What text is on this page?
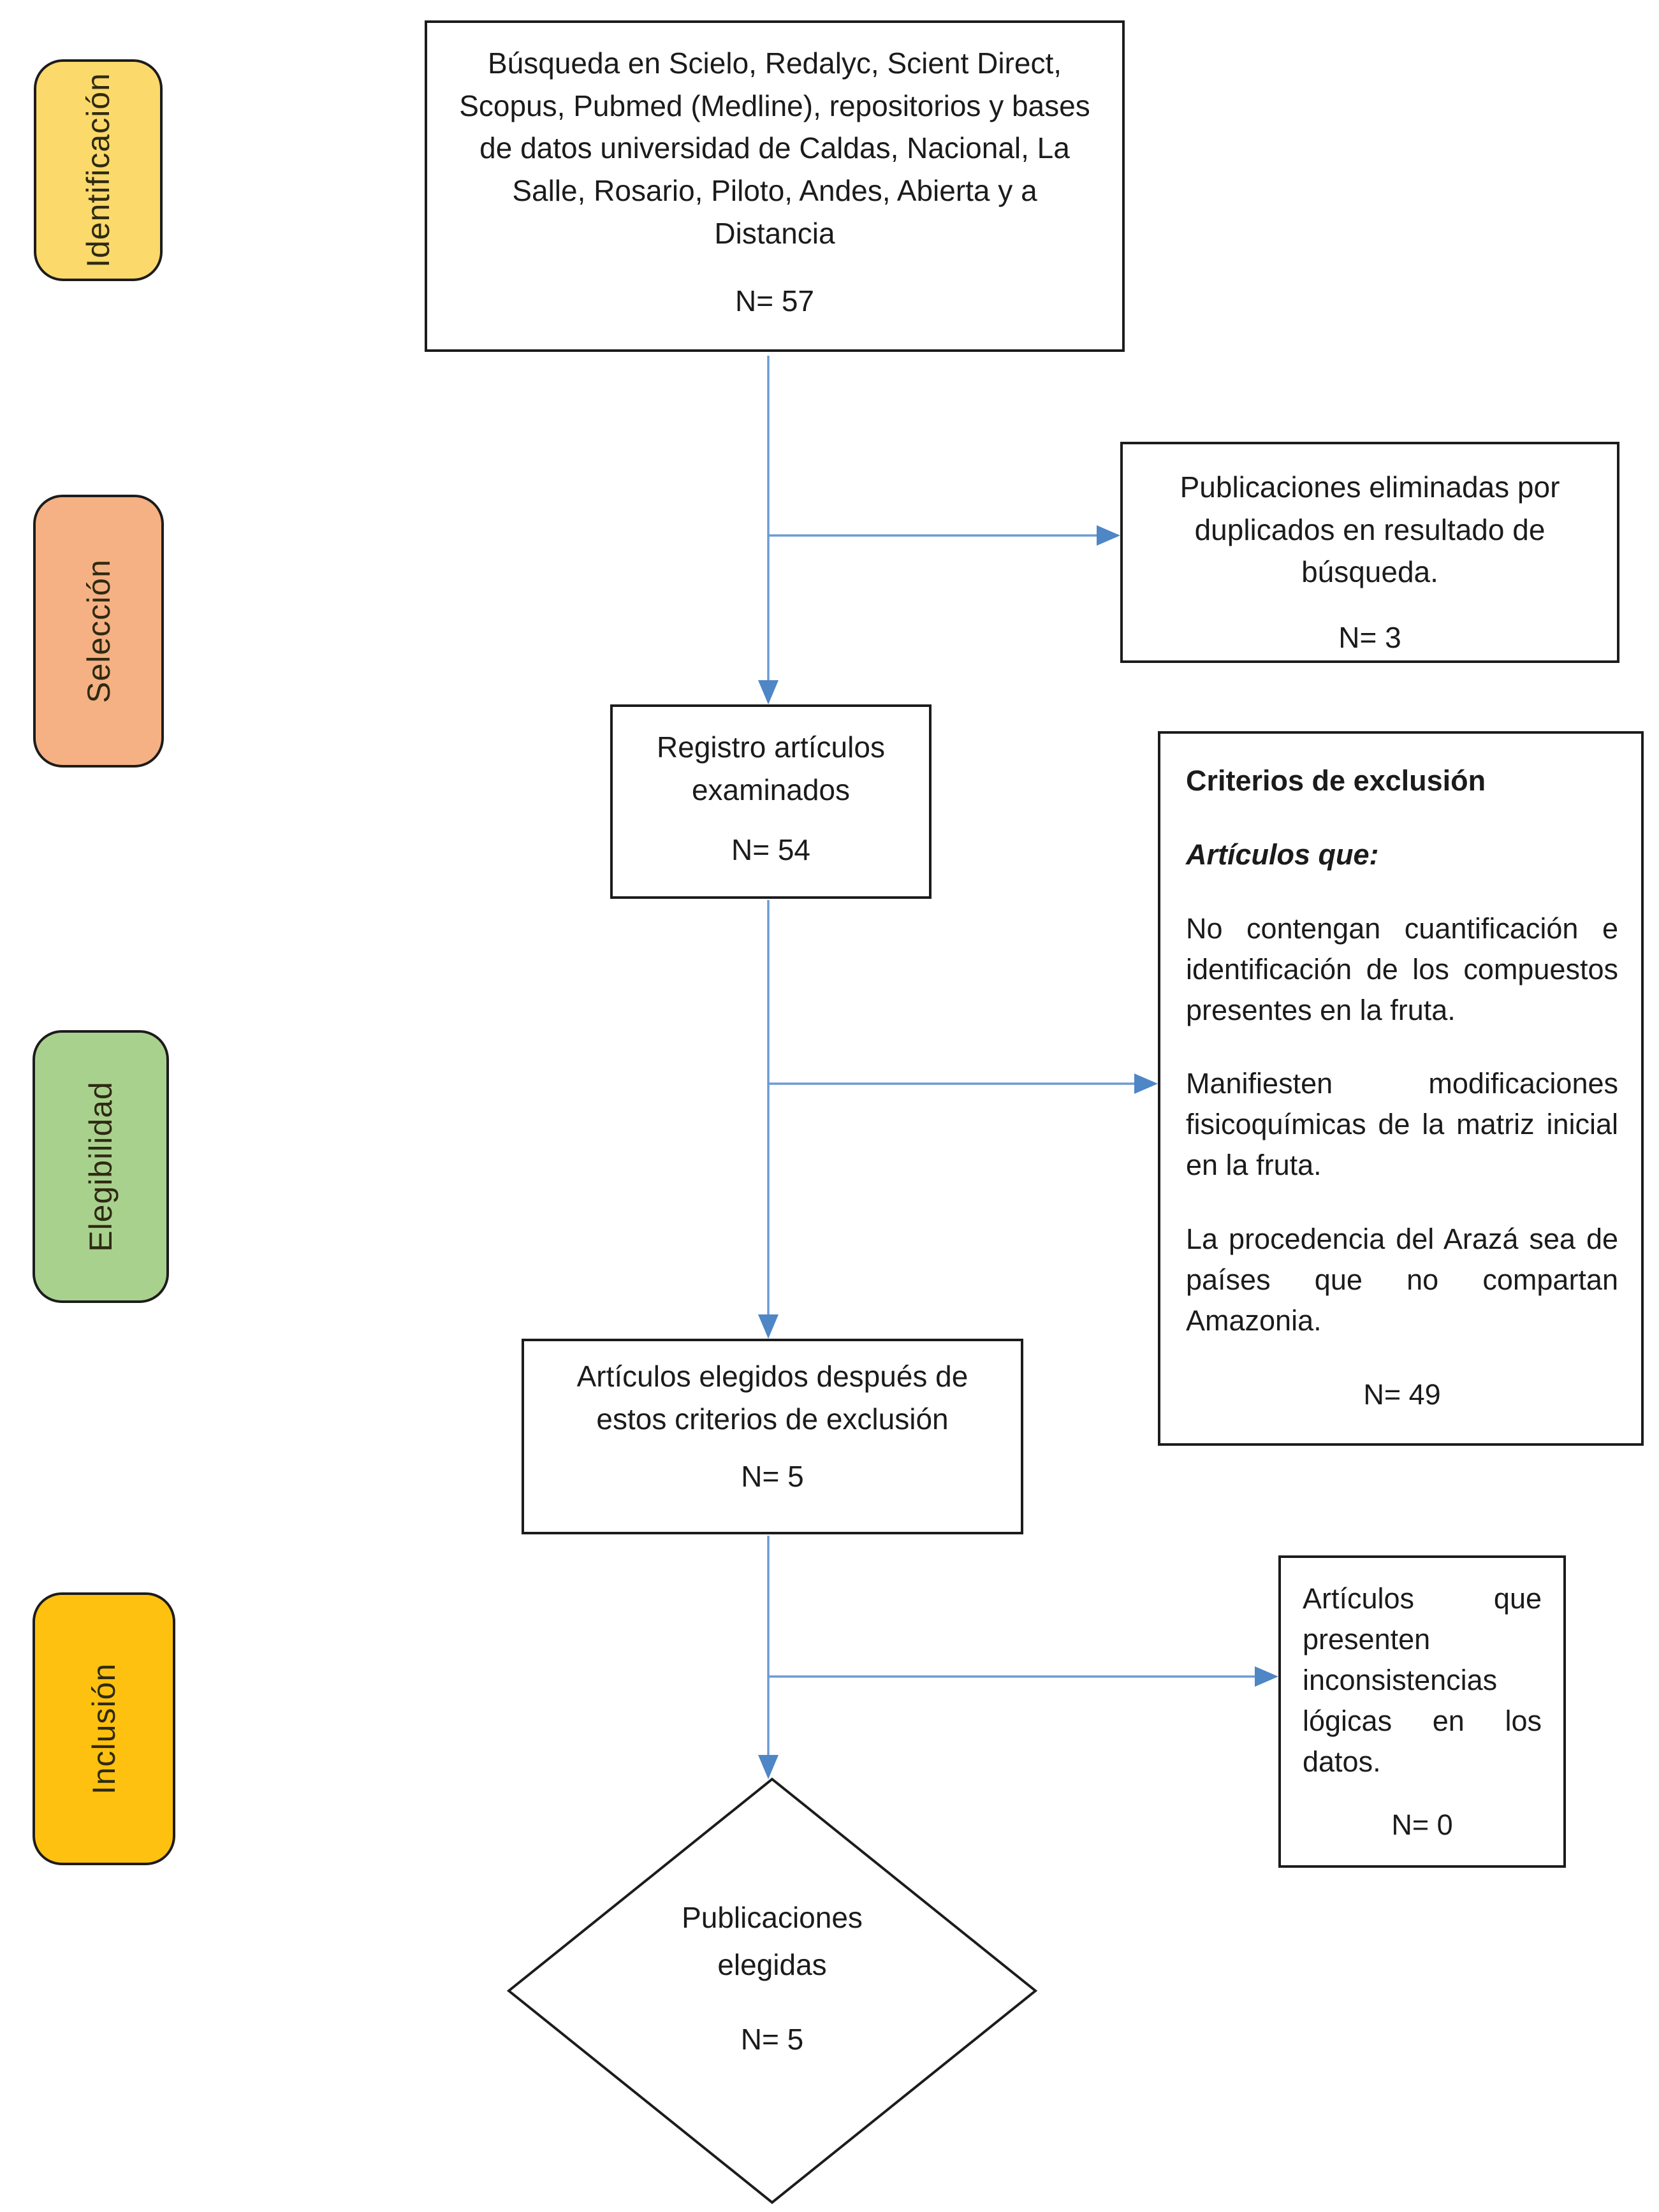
Identificación
Selección
Elegibilidad
Inclusión
Búsqueda en Scielo, Redalyc, Scient Direct, Scopus, Pubmed (Medline), repositorios y bases de datos universidad de Caldas, Nacional, La Salle, Rosario, Piloto, Andes, Abierta y a Distancia
N= 57
Publicaciones eliminadas por duplicados en resultado de búsqueda.
N= 3
Registro artículos examinados
N= 54

Criterios de exclusión

Artículos que:

No contengan cuantificación e identificación de los compuestos presentes en la fruta.

Manifiesten modificaciones fisicoquímicas de la matriz inicial en la fruta.

La procedencia del Arazá sea de países que no compartan Amazonia.

N= 49
Artículos elegidos después de estos criterios de exclusión
N= 5
Artículos que presenten inconsistencias lógicas en los datos.
N= 0
Publicaciones elegidas
N= 5
